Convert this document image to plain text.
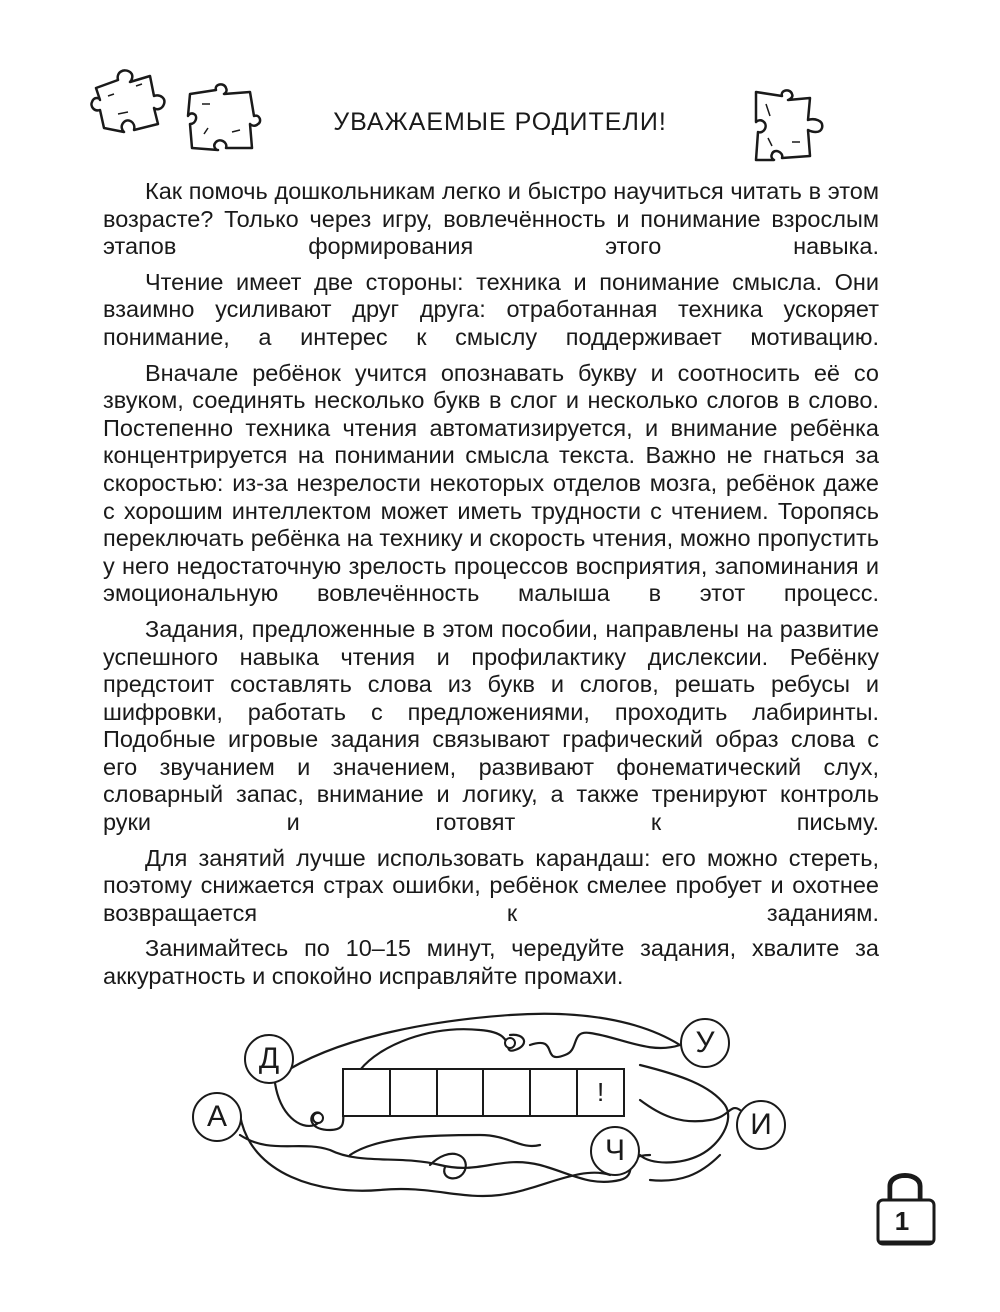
УВАЖАЕМЫЕ РОДИТЕЛИ!

Как помочь дошкольникам легко и быстро научиться читать в этом возрасте? Только через игру, вовлечённость и понимание взрослым этапов формирования этого навыка.

Чтение имеет две стороны: техника и понимание смысла. Они взаимно усиливают друг друга: отработанная техника ускоряет понимание, а интерес к смыслу поддерживает мотивацию.

Вначале ребёнок учится опознавать букву и соотносить её со звуком, соединять несколько букв в слог и несколько слогов в слово. Постепенно техника чтения автоматизируется, и внимание ребёнка концентрируется на понимании смысла текста. Важно не гнаться за скоростью: из-за незрелости некоторых отделов мозга, ребёнок даже с хорошим интеллектом может иметь трудности с чтением. Торопясь переключать ребёнка на технику и скорость чтения, можно пропустить у него недостаточную зрелость процессов восприятия, запоминания и эмоциональную вовлечённость малыша в этот процесс.

Задания, предложенные в этом пособии, направлены на развитие успешного навыка чтения и профилактику дислексии. Ребёнку предстоит составлять слова из букв и слогов, решать ребусы и шифровки, работать с предложениями, проходить лабиринты. Подобные игровые задания связывают графический образ слова с его звучанием и значением, развивают фонематический слух, словарный запас, внимание и логику, а также тренируют контроль руки и готовят к письму.

Для занятий лучше использовать карандаш: его можно стереть, поэтому снижается страх ошибки, ребёнок смелее пробует и охотнее возвращается к заданиям.

Занимайтесь по 10–15 минут, чередуйте задания, хвалите за аккуратность и спокойно исправляйте промахи.

Д
А
У
И
Ч
!
1
